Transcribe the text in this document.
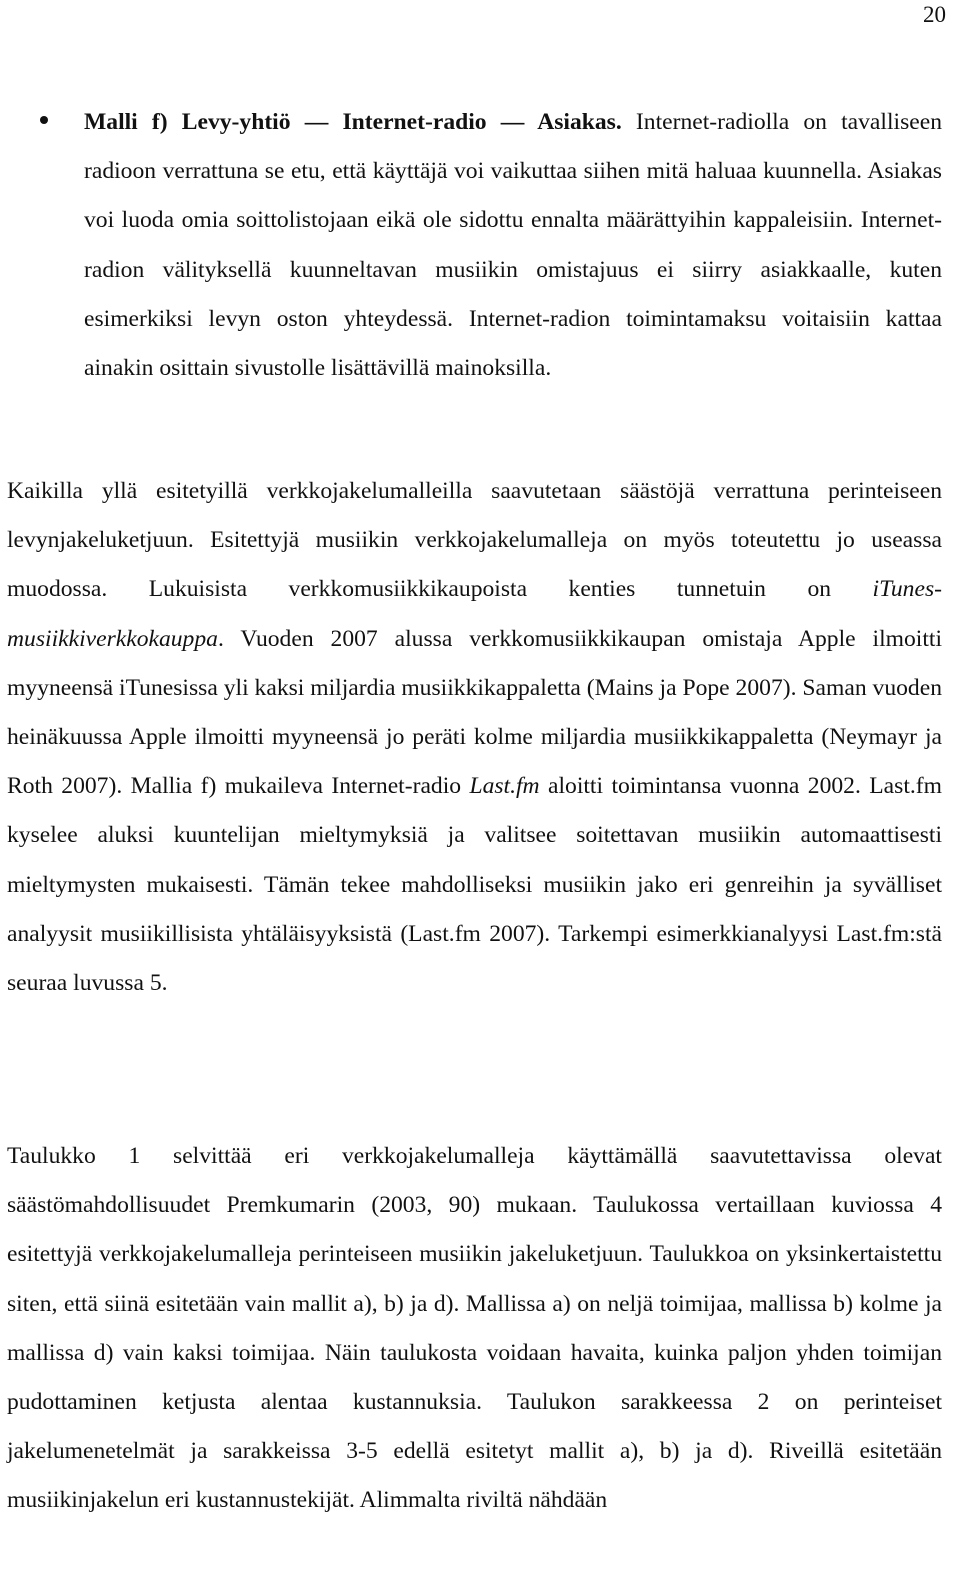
20
Malli f) Levy-yhtiö — Internet-radio — Asiakas. Internet-radiolla on tavalliseen radioon verrattuna se etu, että käyttäjä voi vaikuttaa siihen mitä haluaa kuunnella. Asiakas voi luoda omia soittolistojaan eikä ole sidottu ennalta määrättyihin kappaleisiin. Internet-radion välityksellä kuunneltavan musiikin omistajuus ei siirry asiakkaalle, kuten esimerkiksi levyn oston yhteydessä. Internet-radion toimintamaksu voitaisiin kattaa ainakin osittain sivustolle lisättävillä mainoksilla.

Kaikilla yllä esitetyillä verkkojakelumalleilla saavutetaan säästöjä verrattuna perinteiseen levynjakeluketjuun. Esitettyjä musiikin verkkojakelumalleja on myös toteutettu jo useassa muodossa. Lukuisista verkkomusiikkikaupoista kenties tunnetuin on iTunes-musiikkiverkkokauppa. Vuoden 2007 alussa verkkomusiikkikaupan omistaja Apple ilmoitti myyneensä iTunesissa yli kaksi miljardia musiikkikappaletta (Mains ja Pope 2007). Saman vuoden heinäkuussa Apple ilmoitti myyneensä jo peräti kolme miljardia musiikkikappaletta (Neymayr ja Roth 2007). Mallia f) mukaileva Internet-radio Last.fm aloitti toimintansa vuonna 2002. Last.fm kyselee aluksi kuuntelijan mieltymyksiä ja valitsee soitettavan musiikin automaattisesti mieltymysten mukaisesti. Tämän tekee mahdolliseksi musiikin jako eri genreihin ja syvälliset analyysit musiikillisista yhtäläisyyksistä (Last.fm 2007). Tarkempi esimerkkianalyysi Last.fm:stä seuraa luvussa 5.

Taulukko 1 selvittää eri verkkojakelumalleja käyttämällä saavutettavissa olevat säästömahdollisuudet Premkumarin (2003, 90) mukaan. Taulukossa vertaillaan kuviossa 4 esitettyjä verkkojakelumalleja perinteiseen musiikin jakeluketjuun. Taulukkoa on yksinkertaistettu siten, että siinä esitetään vain mallit a), b) ja d). Mallissa a) on neljä toimijaa, mallissa b) kolme ja mallissa d) vain kaksi toimijaa. Näin taulukosta voidaan havaita, kuinka paljon yhden toimijan pudottaminen ketjusta alentaa kustannuksia. Taulukon sarakkeessa 2 on perinteiset jakelumenetelmät ja sarakkeissa 3-5 edellä esitetyt mallit a), b) ja d). Riveillä esitetään musiikinjakelun eri kustannustekijät. Alimmalta riviltä nähdään
